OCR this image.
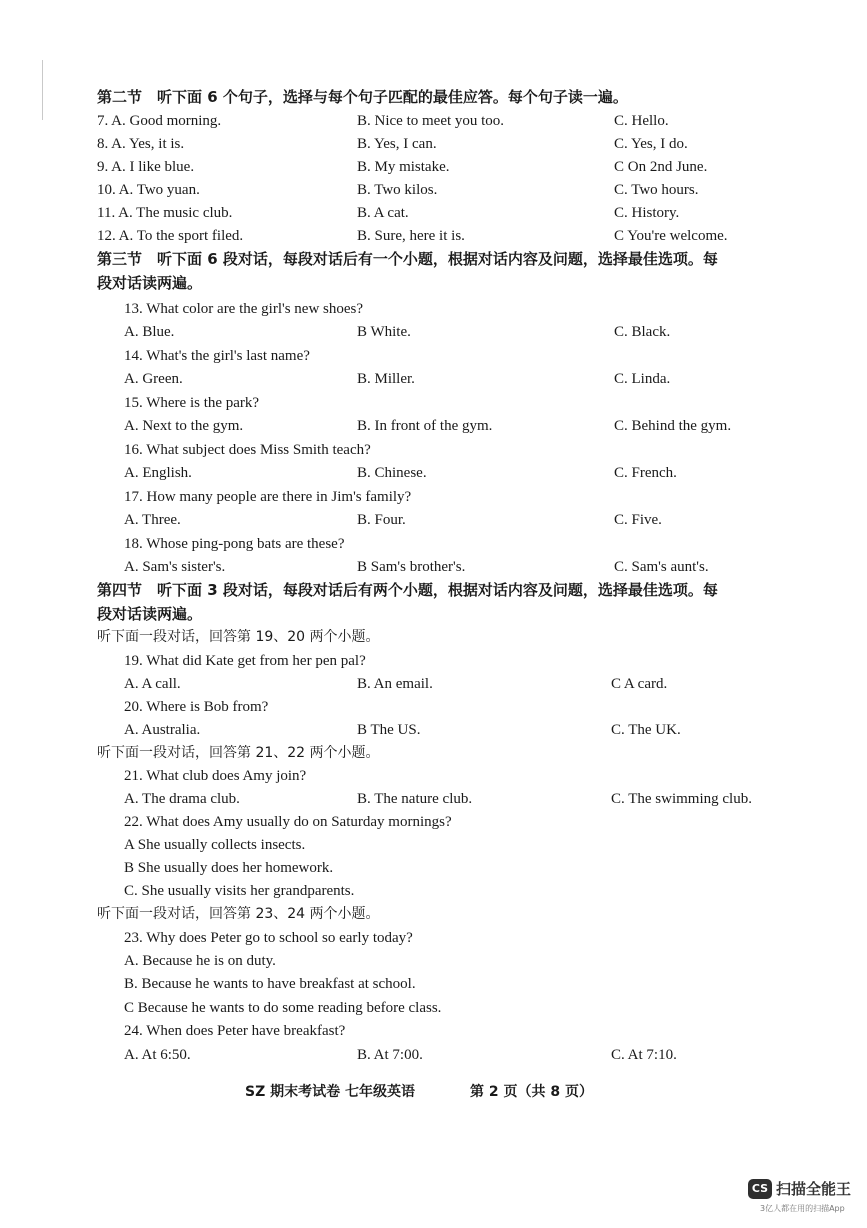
第二节　听下面 6 个句子，选择与每个句子匹配的最佳应答。每个句子读一遍。
7. A. Good morning.	B. Nice to meet you too.	C. Hello.
8. A. Yes, it is.	B. Yes, I can.	C. Yes, I do.
9. A. I like blue.	B. My mistake.	C On 2nd June.
10. A. Two yuan.	B. Two kilos.	C. Two hours.
11. A. The music club.	B. A cat.	C. History.
12. A. To the sport filed.	B. Sure, here it is.	C You're welcome.
第三节　听下面 6 段对话，每段对话后有一个小题，根据对话内容及问题，选择最佳选项。每
段对话读两遍。
13. What color are the girl's new shoes?
A. Blue.	B White.	C. Black.
14. What's the girl's last name?
A. Green.	B. Miller.	C. Linda.
15. Where is the park?
A. Next to the gym.	B. In front of the gym.	C. Behind the gym.
16. What subject does Miss Smith teach?
A. English.	B. Chinese.	C. French.
17. How many people are there in Jim's family?
A. Three.	B. Four.	C. Five.
18. Whose ping-pong bats are these?
A. Sam's sister's.	B Sam's brother's.	C. Sam's aunt's.
第四节　听下面 3 段对话，每段对话后有两个小题，根据对话内容及问题，选择最佳选项。每
段对话读两遍。
听下面一段对话，回答第 19、20 两个小题。
19. What did Kate get from her pen pal?
A. A call.	B. An email.	C A card.
20. Where is Bob from?
A. Australia.	B The US.	C. The UK.
听下面一段对话，回答第 21、22 两个小题。
21. What club does Amy join?
A. The drama club.	B. The nature club.	C. The swimming club.
22. What does Amy usually do on Saturday mornings?
A She usually collects insects.
B She usually does her homework.
C. She usually visits her grandparents.
听下面一段对话，回答第 23、24 两个小题。
23. Why does Peter go to school so early today?
A. Because he is on duty.
B. Because he wants to have breakfast at school.
C Because he wants to do some reading before class.
24. When does Peter have breakfast?
A. At 6:50.	B. At 7:00.	C. At 7:10.
SZ 期末考试卷 七年级英语	第 2 页（共 8 页）
CS 扫描全能王
3亿人都在用的扫描App
